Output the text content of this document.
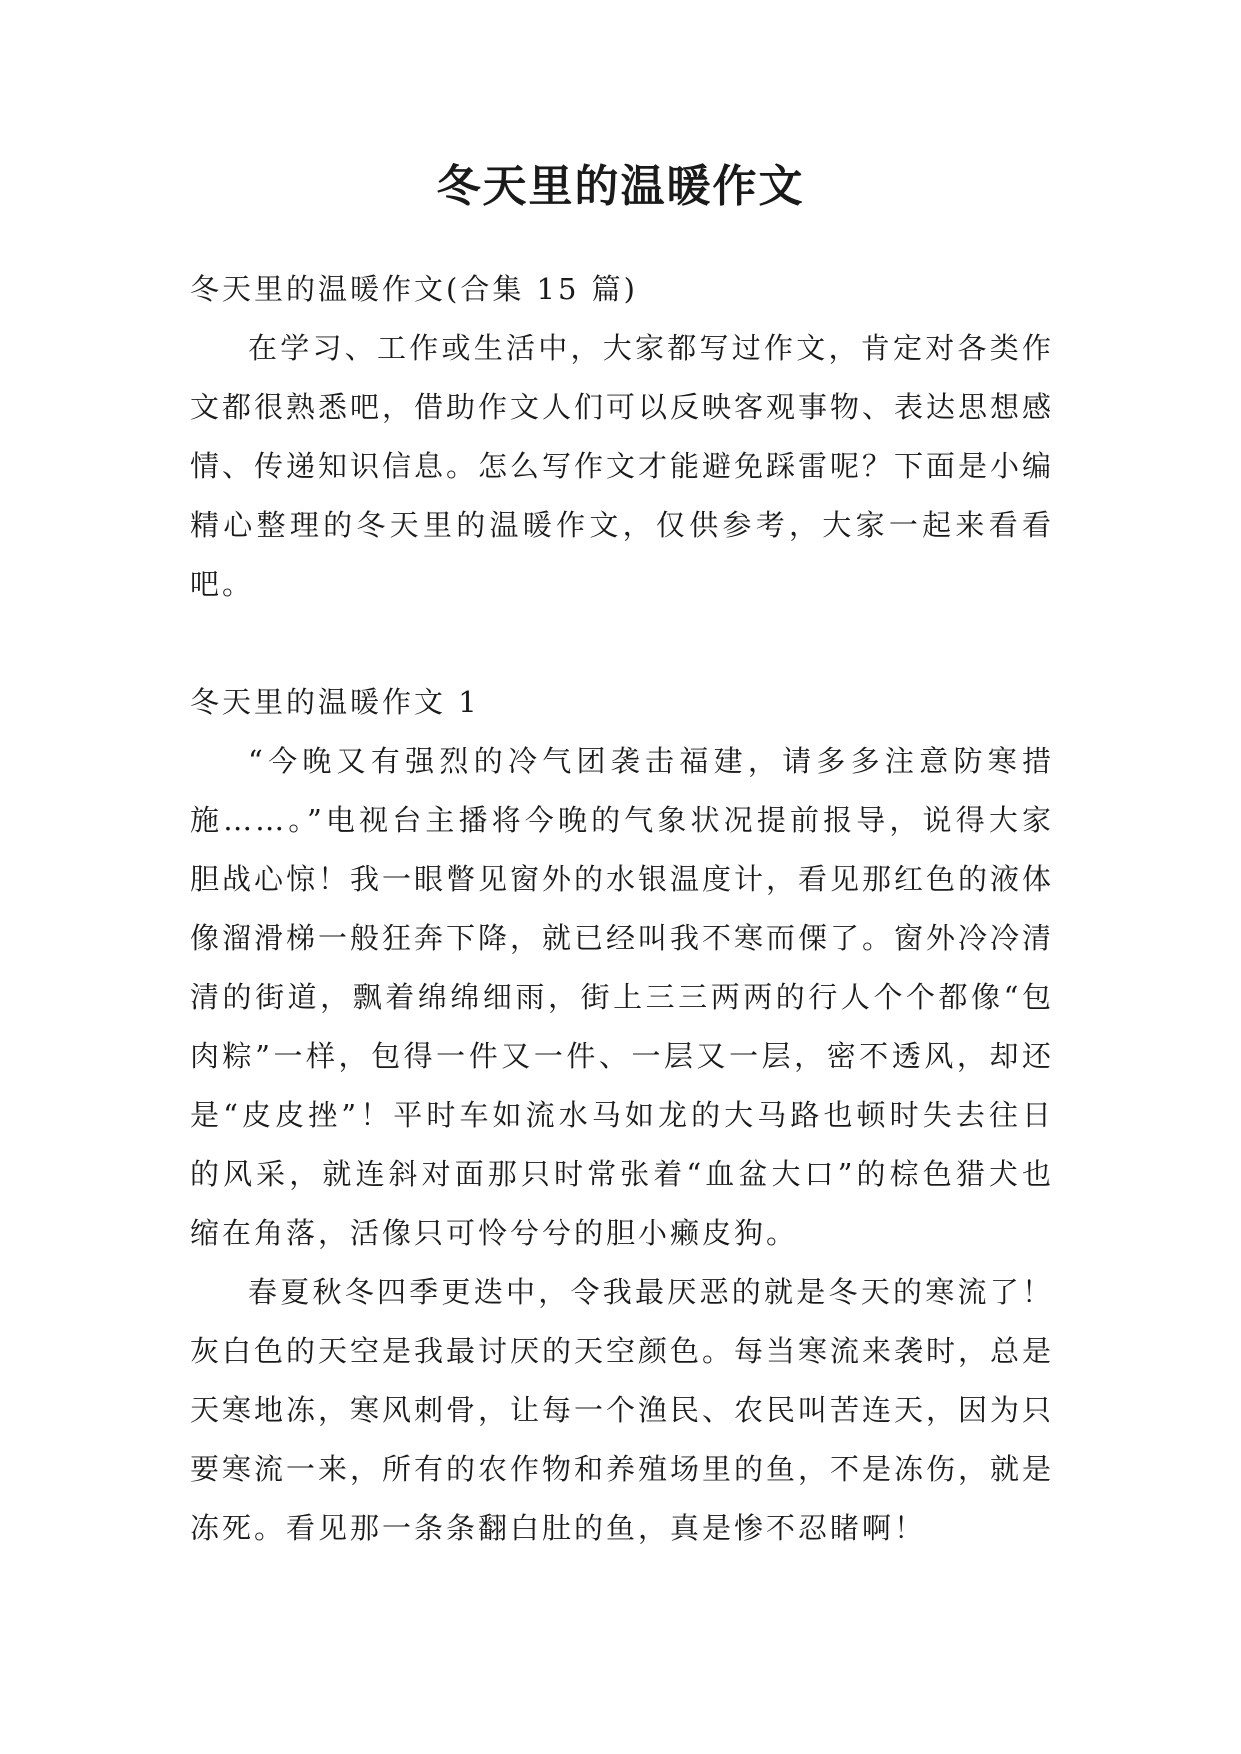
冬天里的温暖作文

冬天里的温暖作文(合集 15 篇)

在学习、工作或生活中，大家都写过作文，肯定对各类作文都很熟悉吧，借助作文人们可以反映客观事物、表达思想感情、传递知识信息。怎么写作文才能避免踩雷呢？下面是小编精心整理的冬天里的温暖作文，仅供参考，大家一起来看看吧。

冬天里的温暖作文 1

“今晚又有强烈的冷气团袭击福建，请多多注意防寒措施……。”电视台主播将今晚的气象状况提前报导，说得大家胆战心惊！我一眼瞥见窗外的水银温度计，看见那红色的液体像溜滑梯一般狂奔下降，就已经叫我不寒而傈了。窗外冷冷清清的街道，飘着绵绵细雨，街上三三两两的行人个个都像“包肉粽”一样，包得一件又一件、一层又一层，密不透风，却还是“皮皮挫”！平时车如流水马如龙的大马路也顿时失去往日的风采，就连斜对面那只时常张着“血盆大口”的棕色猎犬也缩在角落，活像只可怜兮兮的胆小癞皮狗。

春夏秋冬四季更迭中，令我最厌恶的就是冬天的寒流了！灰白色的天空是我最讨厌的天空颜色。每当寒流来袭时，总是天寒地冻，寒风刺骨，让每一个渔民、农民叫苦连天，因为只要寒流一来，所有的农作物和养殖场里的鱼，不是冻伤，就是冻死。看见那一条条翻白肚的鱼，真是惨不忍睹啊！
